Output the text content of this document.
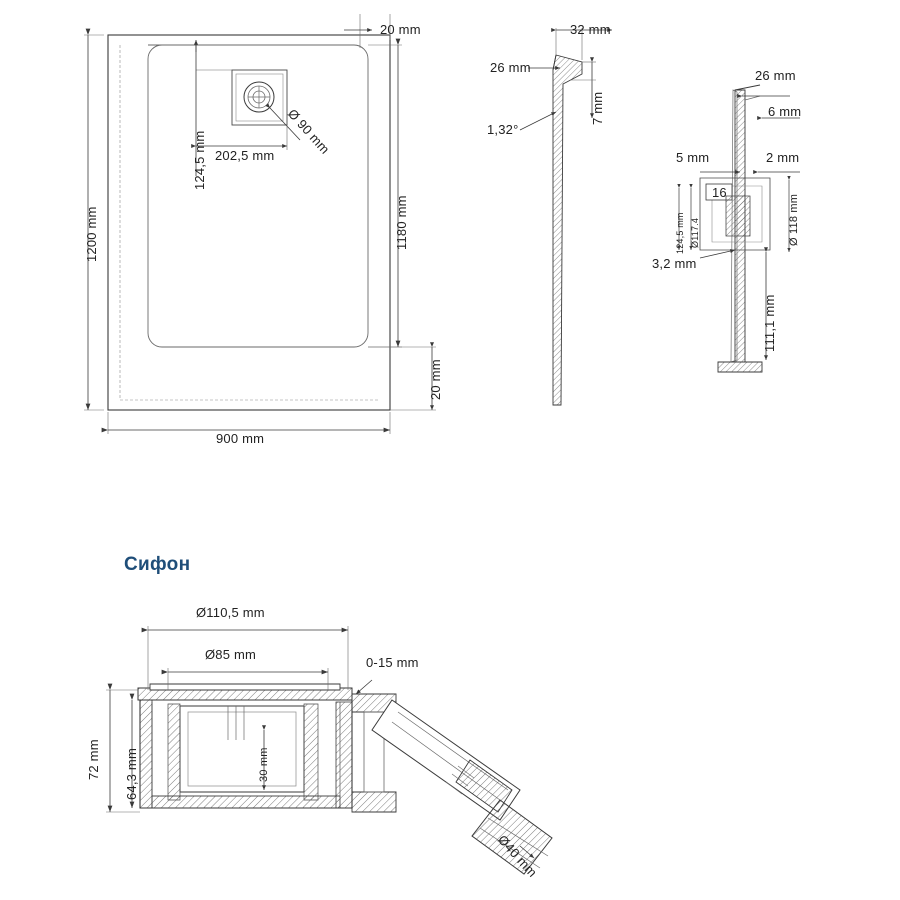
20 mm
124,5 mm 202,5 mm Ø 90 mm
1200 mm	1180 mm
20 mm
900 mm
32 mm
26 mm
7 mm
1,32°
26 mm
6 mm
5 mm	2 mm
16
124,5 mm Ø117.4	Ø 118 mm
3,2 mm
111,1 mm
Сифон
Ø110,5 mm
Ø85 mm
0-15 mm
72 mm 64,3 mm	30 mm
Ø40 mm
